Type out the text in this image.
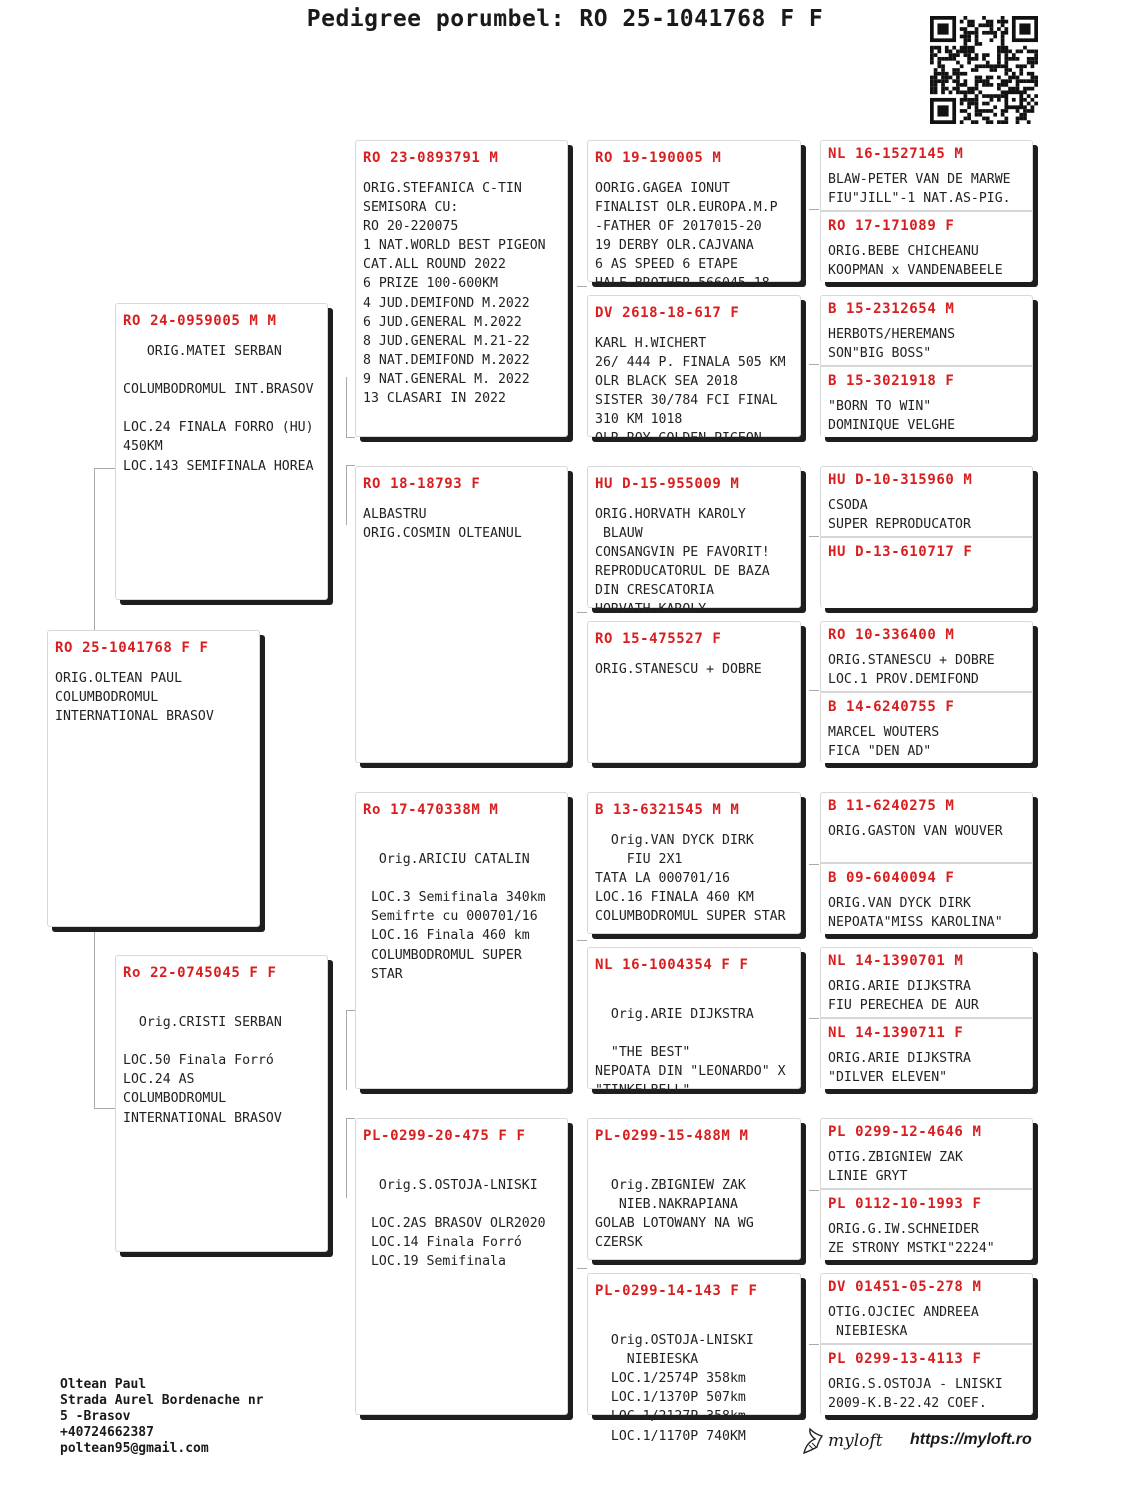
Pedigree porumbel: RO 25-1041768 F F
RO 25-1041768 F F
ORIG.OLTEAN PAUL
COLUMBODROMUL
INTERNATIONAL BRASOV
RO 24-0959005 M M
ORIG.MATEI SERBAN

COLUMBODROMUL INT.BRASOV

LOC.24 FINALA FORRO (HU)
450KM
LOC.143 SEMIFINALA HOREA
Ro 22-0745045 F F

Orig.CRISTI SERBAN

LOC.50 Finala Forró
LOC.24 AS
COLUMBODROMUL
INTERNATIONAL BRASOV
RO 23-0893791 M
ORIG.STEFANICA C-TIN
SEMISORA CU:
RO 20-220075
1 NAT.WORLD BEST PIGEON
CAT.ALL ROUND 2022
6 PRIZE 100-600KM
4 JUD.DEMIFOND M.2022
6 JUD.GENERAL M.2022
8 JUD.GENERAL M.21-22
8 NAT.DEMIFOND M.2022
9 NAT.GENERAL M. 2022
13 CLASARI IN 2022
RO 18-18793 F
ALBASTRU
ORIG.COSMIN OLTEANUL
Ro 17-470338M M

Orig.ARICIU CATALIN

LOC.3 Semifinala 340km
Semifrte cu 000701/16
LOC.16 Finala 460 km
COLUMBODROMUL SUPER
STAR
PL-0299-20-475 F F

Orig.S.OSTOJA-LNISKI

LOC.2AS BRASOV OLR2020
LOC.14 Finala Forró
LOC.19 Semifinala
RO 19-190005 M
OORIG.GAGEA IONUT
FINALIST OLR.EUROPA.M.P
-FATHER OF 2017015-20
19 DERBY OLR.CAJVANA
6 AS SPEED 6 ETAPE
HALF BROTHER 566045-18
DV 2618-18-617 F
KARL H.WICHERT
26/ 444 P. FINALA 505 KM
OLR BLACK SEA 2018
SISTER 30/784 FCI FINAL
310 KM 1018
OLR ROY GOLDEN PIGEON
HU D-15-955009 M
ORIG.HORVATH KAROLY
BLAUW
CONSANGVIN PE FAVORIT!
REPRODUCATORUL DE BAZA
DIN CRESCATORIA
HORVATH KAROLY
RO 15-475527 F
ORIG.STANESCU + DOBRE
B 13-6321545 M M
Orig.VAN DYCK DIRK
FIU 2X1
TATA LA 000701/16
LOC.16 FINALA 460 KM
COLUMBODROMUL SUPER STAR
NL 16-1004354 F F

Orig.ARIE DIJKSTRA

"THE BEST"
NEPOATA DIN "LEONARDO" X
"TINKELBELL"
PL-0299-15-488M M

Orig.ZBIGNIEW ZAK
NIEB.NAKRAPIANA
GOLAB LOTOWANY NA WG
CZERSK
PL-0299-14-143 F F

Orig.OSTOJA-LNISKI
NIEBIESKA
LOC.1/2574P 358km
LOC.1/1370P 507km
LOC.1/2127P 358km
LOC.1/1170P 740KM
NL 16-1527145 M
BLAW-PETER VAN DE MARWE
FIU"JILL"-1 NAT.AS-PIG.
RO 17-171089 F
ORIG.BEBE CHICHEANU
KOOPMAN x VANDENABEELE
B 15-2312654 M
HERBOTS/HEREMANS
SON"BIG BOSS"
B 15-3021918 F
"BORN TO WIN"
DOMINIQUE VELGHE
HU D-10-315960 M
CSODA
SUPER REPRODUCATOR
HU D-13-610717 F
RO 10-336400 M
ORIG.STANESCU + DOBRE
LOC.1 PROV.DEMIFOND
B 14-6240755 F
MARCEL WOUTERS
FICA "DEN AD"
B 11-6240275 M
ORIG.GASTON VAN WOUVER
B 09-6040094 F
ORIG.VAN DYCK DIRK
NEPOATA"MISS KAROLINA"
NL 14-1390701 M
ORIG.ARIE DIJKSTRA
FIU PERECHEA DE AUR
NL 14-1390711 F
ORIG.ARIE DIJKSTRA
"DILVER ELEVEN"
PL 0299-12-4646 M
OTIG.ZBIGNIEW ZAK
LINIE GRYT
PL 0112-10-1993 F
ORIG.G.IW.SCHNEIDER
ZE STRONY MSTKI"2224"
DV 01451-05-278 M
OTIG.OJCIEC ANDREEA
NIEBIESKA
PL 0299-13-4113 F
ORIG.S.OSTOJA - LNISKI
2009-K.B-22.42 COEF.
Oltean Paul
Strada Aurel Bordenache nr
5 -Brasov
+40724662387
poltean95@gmail.com	myloft https://myloft.ro
